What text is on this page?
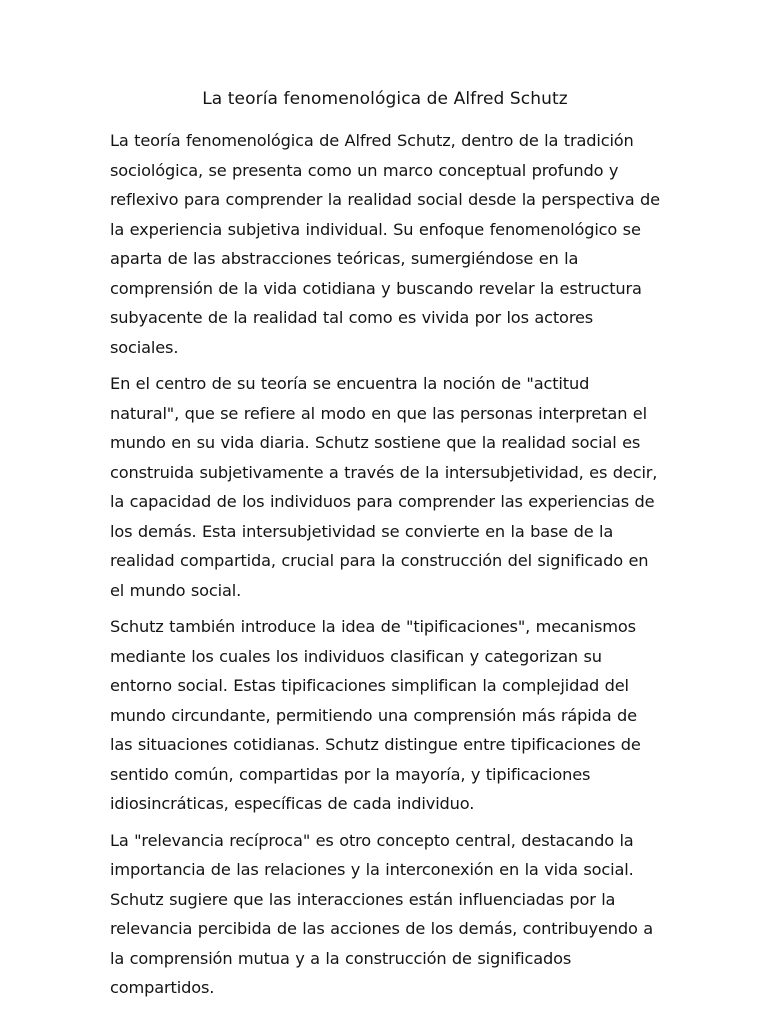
La teoría fenomenológica de Alfred Schutz

La teoría fenomenológica de Alfred Schutz, dentro de la tradición sociológica, se presenta como un marco conceptual profundo y reflexivo para comprender la realidad social desde la perspectiva de la experiencia subjetiva individual. Su enfoque fenomenológico se aparta de las abstracciones teóricas, sumergiéndose en la comprensión de la vida cotidiana y buscando revelar la estructura subyacente de la realidad tal como es vivida por los actores sociales.

En el centro de su teoría se encuentra la noción de "actitud natural", que se refiere al modo en que las personas interpretan el mundo en su vida diaria. Schutz sostiene que la realidad social es construida subjetivamente a través de la intersubjetividad, es decir, la capacidad de los individuos para comprender las experiencias de los demás. Esta intersubjetividad se convierte en la base de la realidad compartida, crucial para la construcción del significado en el mundo social.

Schutz también introduce la idea de "tipificaciones", mecanismos mediante los cuales los individuos clasifican y categorizan su entorno social. Estas tipificaciones simplifican la complejidad del mundo circundante, permitiendo una comprensión más rápida de las situaciones cotidianas. Schutz distingue entre tipificaciones de sentido común, compartidas por la mayoría, y tipificaciones idiosincráticas, específicas de cada individuo.

La "relevancia recíproca" es otro concepto central, destacando la importancia de las relaciones y la interconexión en la vida social. Schutz sugiere que las interacciones están influenciadas por la relevancia percibida de las acciones de los demás, contribuyendo a la comprensión mutua y a la construcción de significados compartidos.
